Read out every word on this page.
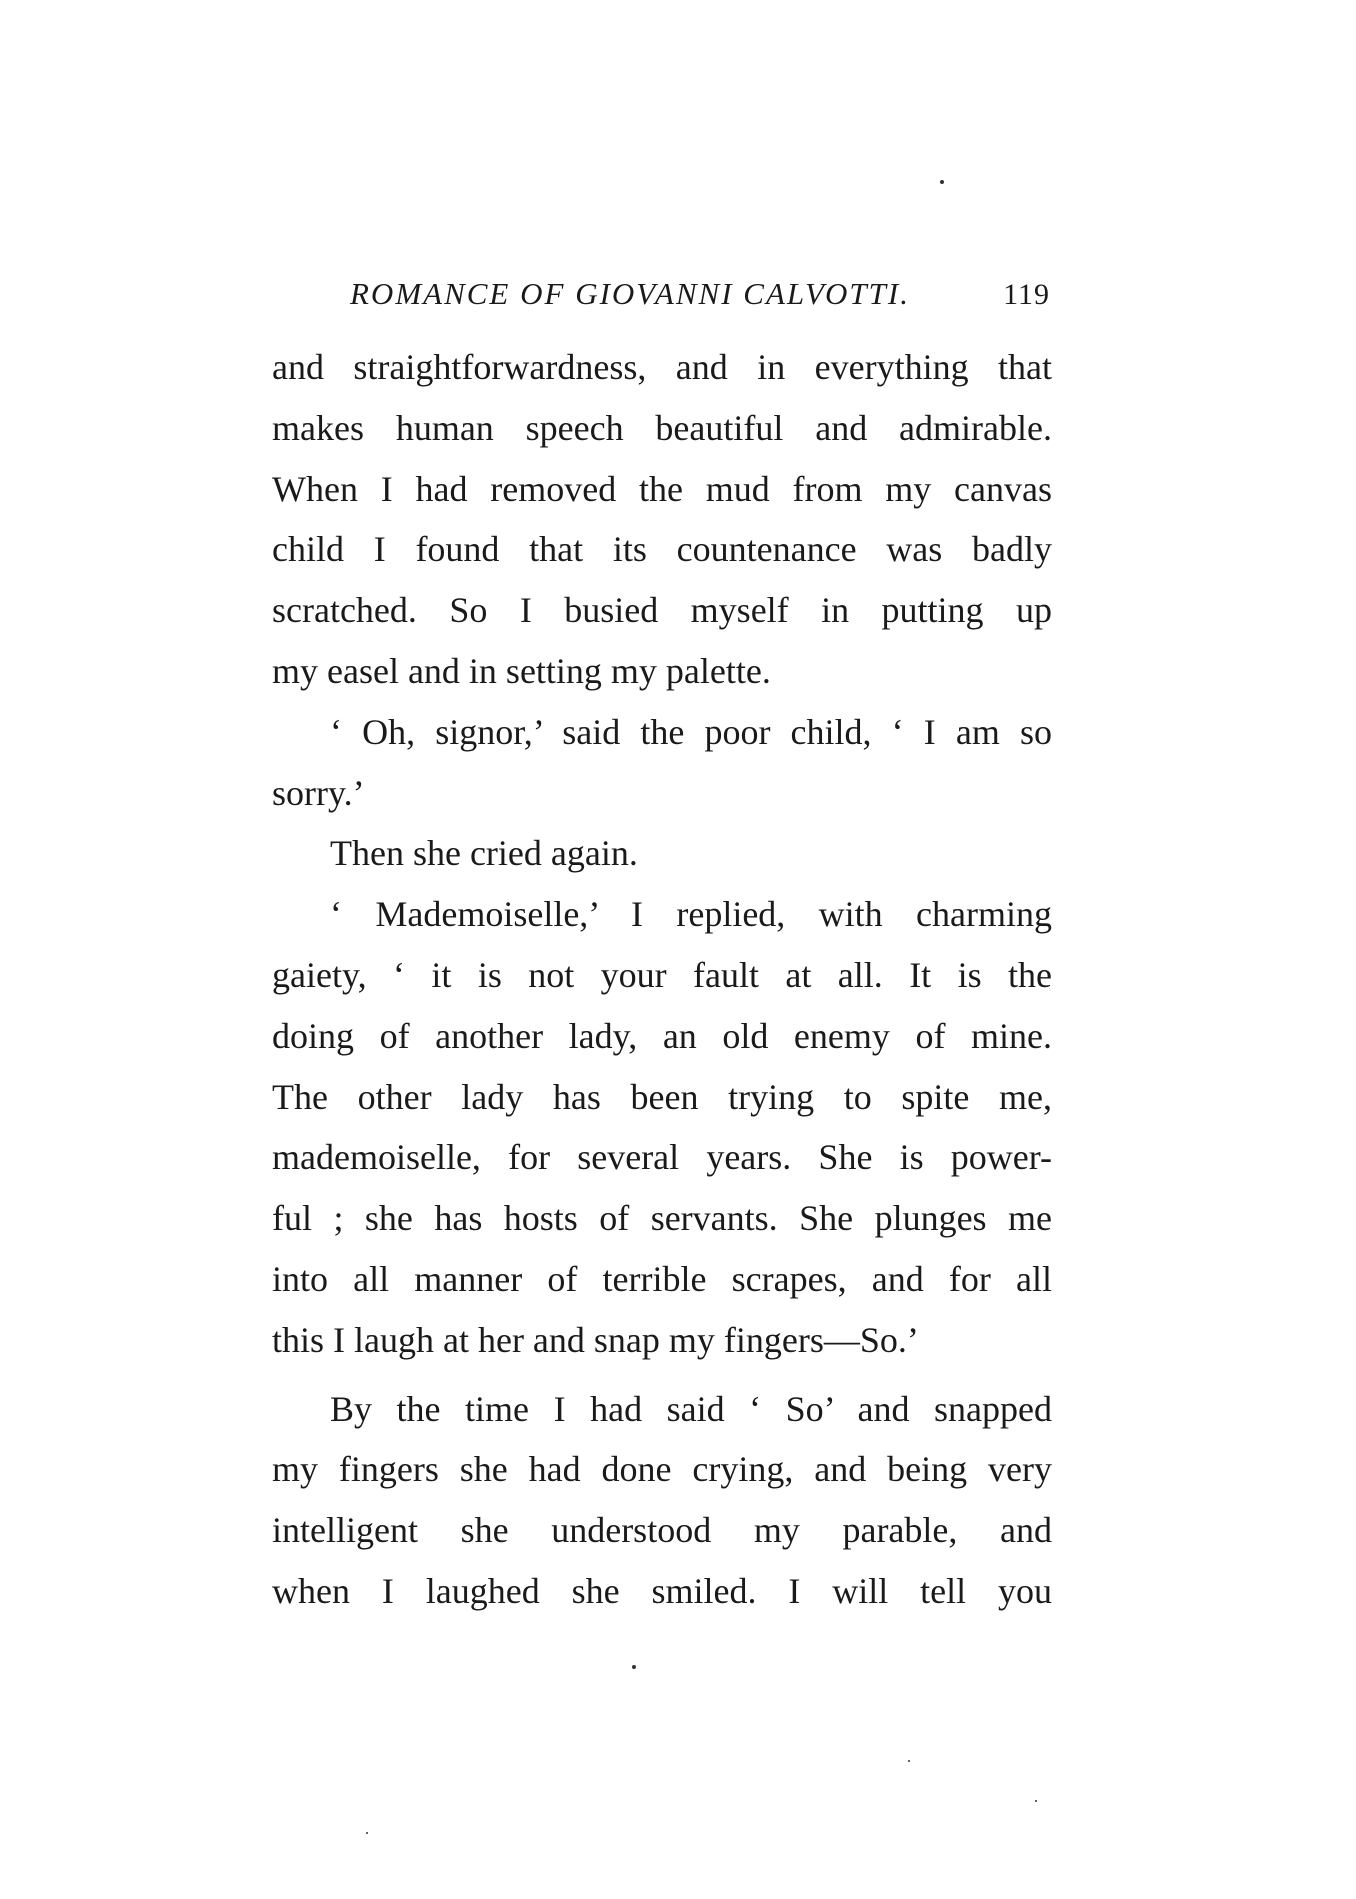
ROMANCE OF GIOVANNI CALVOTTI.	119
and straightforwardness, and in everything that
makes human speech beautiful and admirable.
When I had removed the mud from my canvas
child I found that its countenance was badly
scratched. So I busied myself in putting up
my easel and in setting my palette.
‘ Oh, signor,’ said the poor child, ‘ I am so
sorry.’
Then she cried again.
‘ Mademoiselle,’ I replied, with charming
gaiety, ‘ it is not your fault at all. It is the
doing of another lady, an old enemy of mine.
The other lady has been trying to spite me,
mademoiselle, for several years. She is power-
ful ; she has hosts of servants. She plunges me
into all manner of terrible scrapes, and for all
this I laugh at her and snap my fingers—So.’
By the time I had said ‘ So’ and snapped
my fingers she had done crying, and being very
intelligent she understood my parable, and
when I laughed she smiled. I will tell you
